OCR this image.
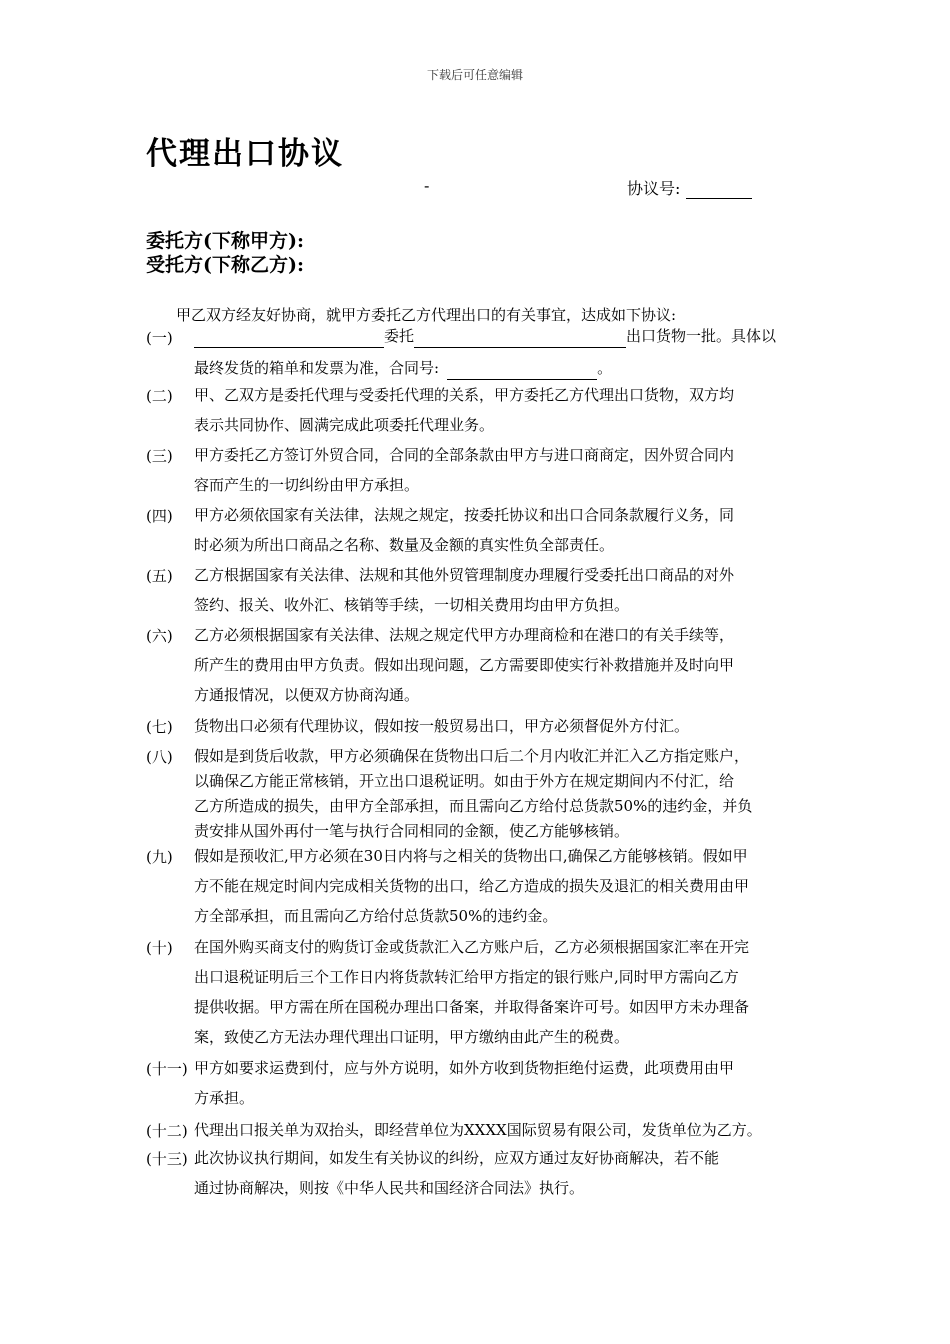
下载后可任意编辑
代理出口协议
-	协议号:
委托方(下称甲方):
受托方(下称乙方):
甲乙双方经友好协商，就甲方委托乙方代理出口的有关事宜，达成如下协议:
(一)	委托	出口货物一批。具体以
最终发货的箱单和发票为准，合同号:	。
(二)	甲、乙双方是委托代理与受委托代理的关系，甲方委托乙方代理出口货物，双方均
表示共同协作、圆满完成此项委托代理业务。
(三)	甲方委托乙方签订外贸合同，合同的全部条款由甲方与进口商商定，因外贸合同内
容而产生的一切纠纷由甲方承担。
(四)	甲方必须依国家有关法律，法规之规定，按委托协议和出口合同条款履行义务，同
时必须为所出口商品之名称、数量及金额的真实性负全部责任。
(五)	乙方根据国家有关法律、法规和其他外贸管理制度办理履行受委托出口商品的对外
签约、报关、收外汇、核销等手续，一切相关费用均由甲方负担。
(六)	乙方必须根据国家有关法律、法规之规定代甲方办理商检和在港口的有关手续等，
所产生的费用由甲方负责。假如出现问题，乙方需要即使实行补救措施并及时向甲
方通报情况，以便双方协商沟通。
(七)	货物出口必须有代理协议，假如按一般贸易出口，甲方必须督促外方付汇。
(八)	假如是到货后收款，甲方必须确保在货物出口后二个月内收汇并汇入乙方指定账户，
以确保乙方能正常核销，开立出口退税证明。如由于外方在规定期间内不付汇，给
乙方所造成的损失，由甲方全部承担，而且需向乙方给付总货款50%的违约金，并负
责安排从国外再付一笔与执行合同相同的金额，使乙方能够核销。
(九)	假如是预收汇,甲方必须在30日内将与之相关的货物出口,确保乙方能够核销。假如甲
方不能在规定时间内完成相关货物的出口，给乙方造成的损失及退汇的相关费用由甲
方全部承担，而且需向乙方给付总货款50%的违约金。
(十)	在国外购买商支付的购货订金或货款汇入乙方账户后，乙方必须根据国家汇率在开完
出口退税证明后三个工作日内将货款转汇给甲方指定的银行账户,同时甲方需向乙方
提供收据。甲方需在所在国税办理出口备案，并取得备案许可号。如因甲方未办理备
案，致使乙方无法办理代理出口证明，甲方缴纳由此产生的税费。
(十一) 甲方如要求运费到付，应与外方说明，如外方收到货物拒绝付运费，此项费用由甲
方承担。
(十二) 代理出口报关单为双抬头，即经营单位为XXXX国际贸易有限公司，发货单位为乙方。
(十三) 此次协议执行期间，如发生有关协议的纠纷，应双方通过友好协商解决，若不能
通过协商解决，则按《中华人民共和国经济合同法》执行。
